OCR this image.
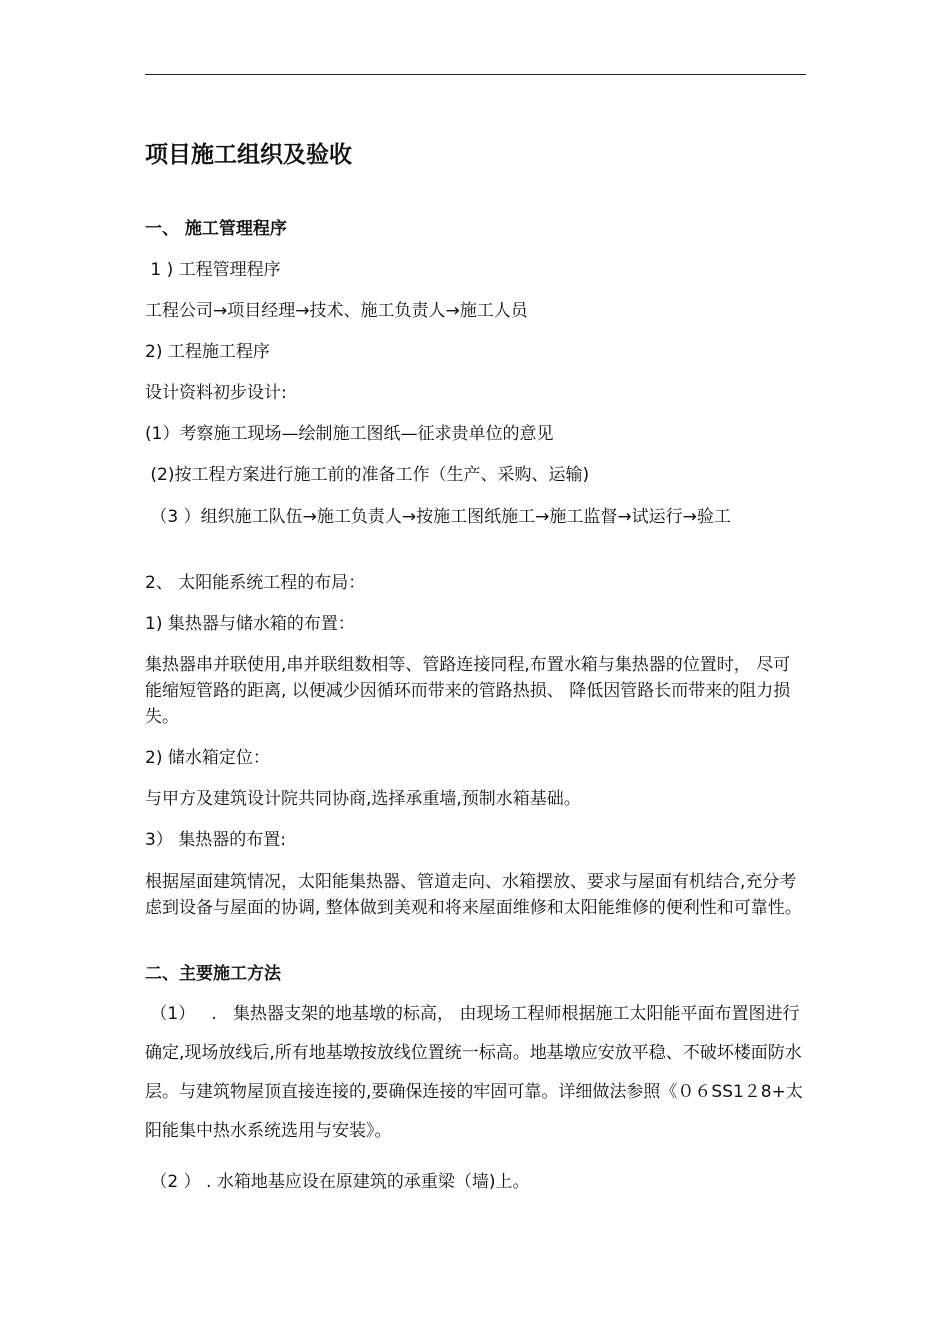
项目施工组织及验收
一、 施工管理程序
1 ) 工程管理程序
工程公司→项目经理→技术、施工负责人→施工人员
2) 工程施工程序
设计资料初步设计:
(1）考察施工现场—绘制施工图纸—征求贵单位的意见
(2)按工程方案进行施工前的准备工作（生产、采购、运输)
（3 ）组织施工队伍→施工负责人→按施工图纸施工→施工监督→试运行→验工
2、 太阳能系统工程的布局：
1) 集热器与储水箱的布置：
集热器串并联使用,串并联组数相等、管路连接同程,布置水箱与集热器的位置时， 尽可能缩短管路的距离, 以便减少因循环而带来的管路热损、 降低因管路长而带来的阻力损失。
2) 储水箱定位：
与甲方及建筑设计院共同协商,选择承重墙,预制水箱基础。
3） 集热器的布置:
根据屋面建筑情况，太阳能集热器、管道走向、水箱摆放、要求与屋面有机结合,充分考虑到设备与屋面的协调, 整体做到美观和将来屋面维修和太阳能维修的便利性和可靠性。
二、主要施工方法
（1）   .   集热器支架的地基墩的标高， 由现场工程师根据施工太阳能平面布置图进行确定,现场放线后,所有地基墩按放线位置统一标高。地基墩应安放平稳、不破坏楼面防水层。与建筑物屋顶直接连接的,要确保连接的牢固可靠。详细做法参照《０６SS1２8+太阳能集中热水系统选用与安装》。
（2 ） . 水箱地基应设在原建筑的承重梁（墙)上。
